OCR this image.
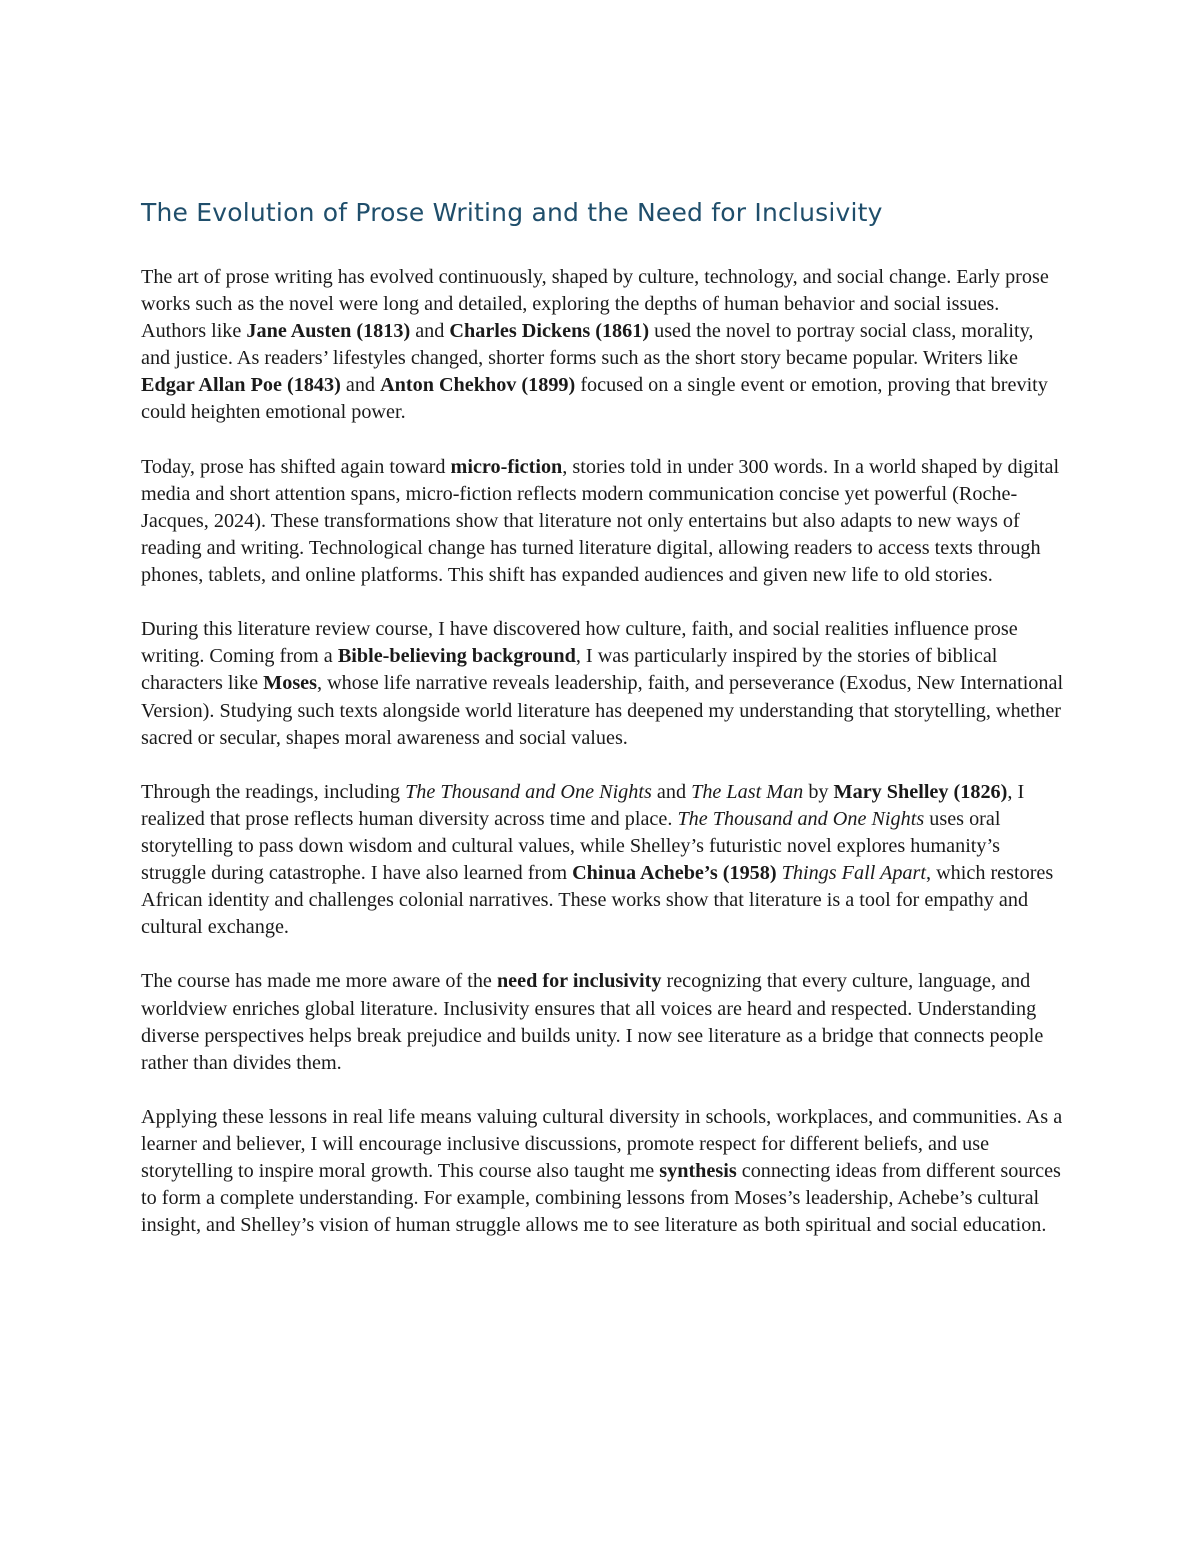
The Evolution of Prose Writing and the Need for Inclusivity

The art of prose writing has evolved continuously, shaped by culture, technology, and social change. Early prose works such as the novel were long and detailed, exploring the depths of human behavior and social issues. Authors like Jane Austen (1813) and Charles Dickens (1861) used the novel to portray social class, morality, and justice. As readers’ lifestyles changed, shorter forms such as the short story became popular. Writers like Edgar Allan Poe (1843) and Anton Chekhov (1899) focused on a single event or emotion, proving that brevity could heighten emotional power.

Today, prose has shifted again toward micro-fiction, stories told in under 300 words. In a world shaped by digital media and short attention spans, micro-fiction reflects modern communication concise yet powerful (Roche-Jacques, 2024). These transformations show that literature not only entertains but also adapts to new ways of reading and writing. Technological change has turned literature digital, allowing readers to access texts through phones, tablets, and online platforms. This shift has expanded audiences and given new life to old stories.

During this literature review course, I have discovered how culture, faith, and social realities influence prose writing. Coming from a Bible-believing background, I was particularly inspired by the stories of biblical characters like Moses, whose life narrative reveals leadership, faith, and perseverance (Exodus, New International Version). Studying such texts alongside world literature has deepened my understanding that storytelling, whether sacred or secular, shapes moral awareness and social values.

Through the readings, including The Thousand and One Nights and The Last Man by Mary Shelley (1826), I realized that prose reflects human diversity across time and place. The Thousand and One Nights uses oral storytelling to pass down wisdom and cultural values, while Shelley’s futuristic novel explores humanity’s struggle during catastrophe. I have also learned from Chinua Achebe’s (1958) Things Fall Apart, which restores African identity and challenges colonial narratives. These works show that literature is a tool for empathy and cultural exchange.

The course has made me more aware of the need for inclusivity recognizing that every culture, language, and worldview enriches global literature. Inclusivity ensures that all voices are heard and respected. Understanding diverse perspectives helps break prejudice and builds unity. I now see literature as a bridge that connects people rather than divides them.

Applying these lessons in real life means valuing cultural diversity in schools, workplaces, and communities. As a learner and believer, I will encourage inclusive discussions, promote respect for different beliefs, and use storytelling to inspire moral growth. This course also taught me synthesis connecting ideas from different sources to form a complete understanding. For example, combining lessons from Moses’s leadership, Achebe’s cultural insight, and Shelley’s vision of human struggle allows me to see literature as both spiritual and social education.
